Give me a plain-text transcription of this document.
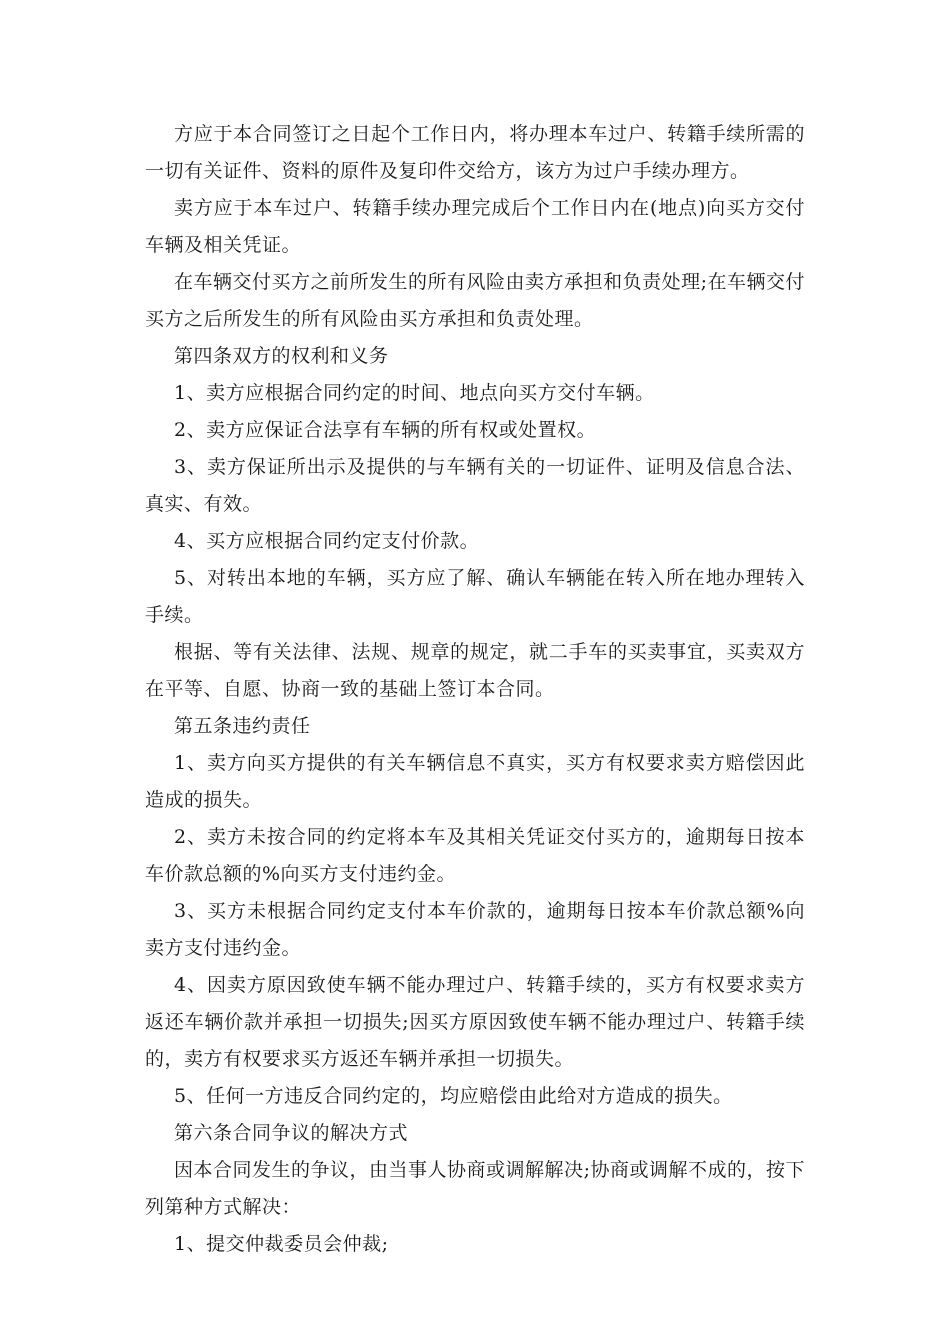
方应于本合同签订之日起个工作日内，将办理本车过户、转籍手续所需的一切有关证件、资料的原件及复印件交给方，该方为过户手续办理方。

卖方应于本车过户、转籍手续办理完成后个工作日内在(地点)向买方交付车辆及相关凭证。

在车辆交付买方之前所发生的所有风险由卖方承担和负责处理;在车辆交付买方之后所发生的所有风险由买方承担和负责处理。

第四条双方的权利和义务

1、卖方应根据合同约定的时间、地点向买方交付车辆。

2、卖方应保证合法享有车辆的所有权或处置权。

3、卖方保证所出示及提供的与车辆有关的一切证件、证明及信息合法、真实、有效。

4、买方应根据合同约定支付价款。

5、对转出本地的车辆，买方应了解、确认车辆能在转入所在地办理转入手续。

根据、等有关法律、法规、规章的规定，就二手车的买卖事宜，买卖双方在平等、自愿、协商一致的基础上签订本合同。

第五条违约责任

1、卖方向买方提供的有关车辆信息不真实，买方有权要求卖方赔偿因此造成的损失。

2、卖方未按合同的约定将本车及其相关凭证交付买方的，逾期每日按本车价款总额的%向买方支付违约金。

3、买方未根据合同约定支付本车价款的，逾期每日按本车价款总额%向卖方支付违约金。

4、因卖方原因致使车辆不能办理过户、转籍手续的，买方有权要求卖方返还车辆价款并承担一切损失;因买方原因致使车辆不能办理过户、转籍手续的，卖方有权要求买方返还车辆并承担一切损失。

5、任何一方违反合同约定的，均应赔偿由此给对方造成的损失。

第六条合同争议的解决方式

因本合同发生的争议，由当事人协商或调解解决;协商或调解不成的，按下列第种方式解决：

1、提交仲裁委员会仲裁;
